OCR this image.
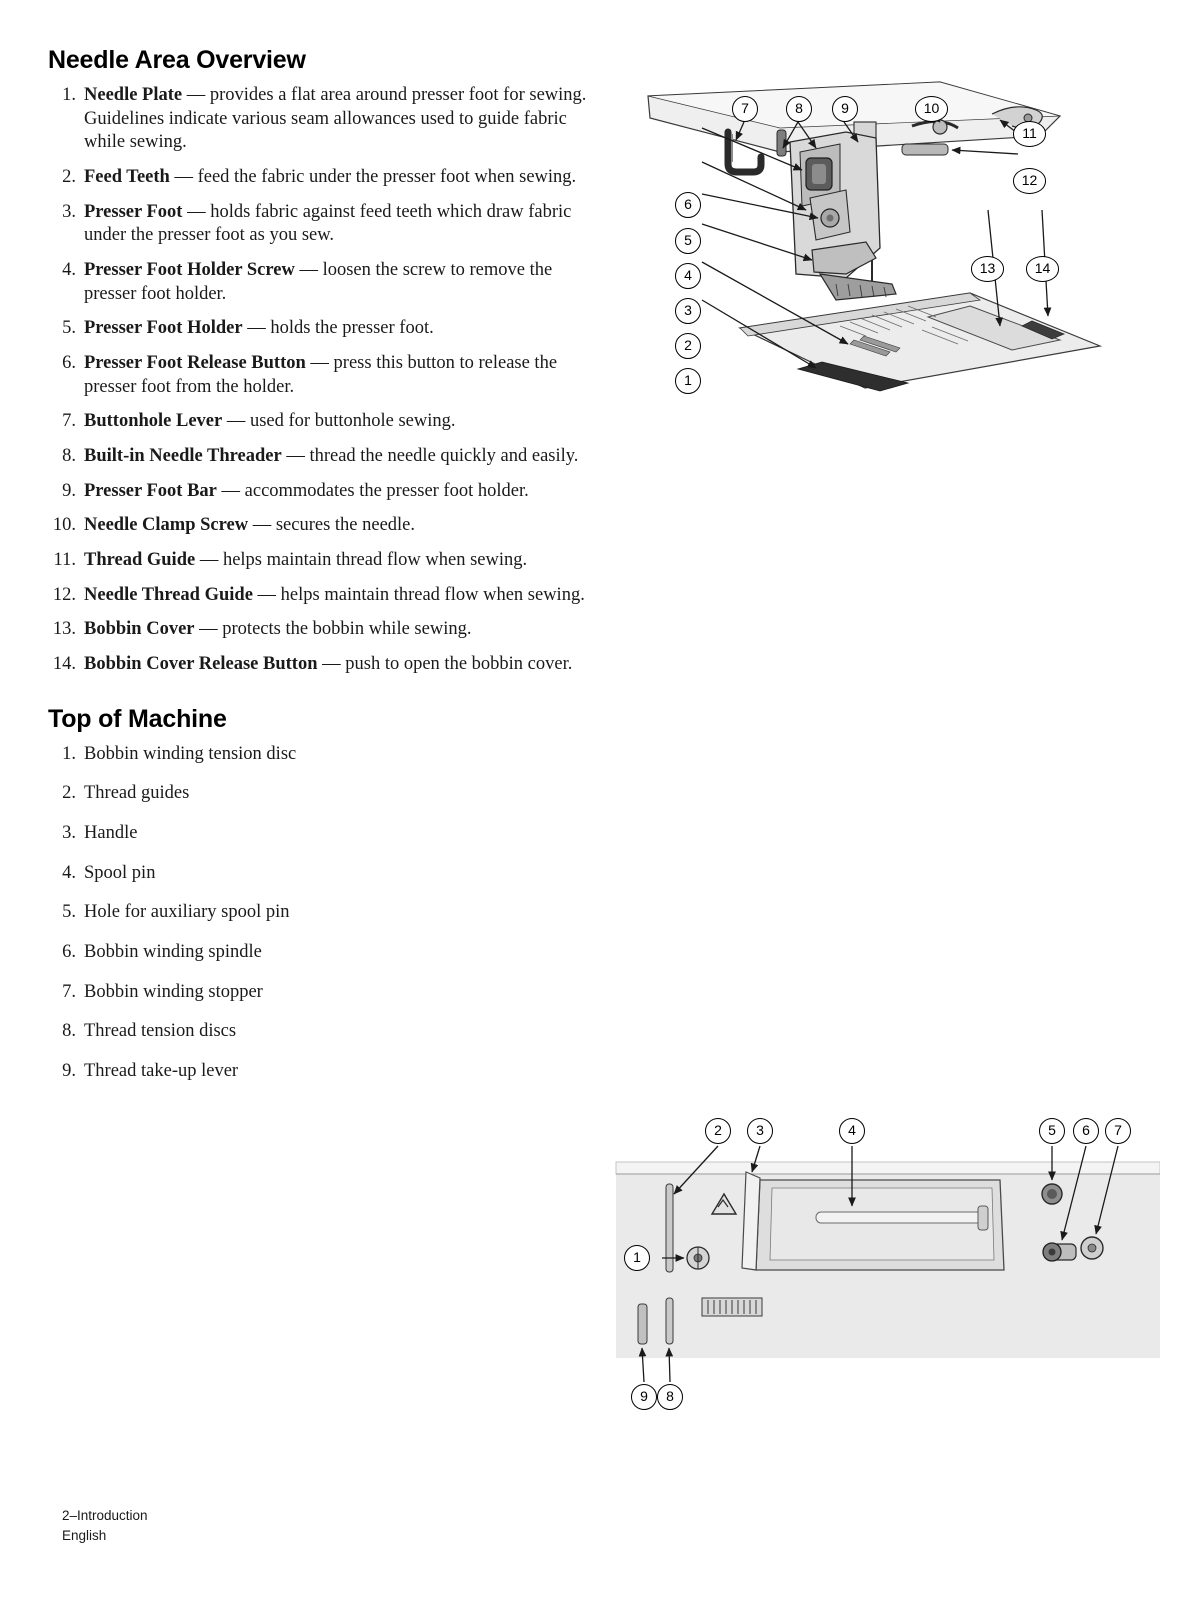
Needle Area Overview
1. Needle Plate — provides a flat area around presser foot for sewing. Guidelines indicate various seam allowances used to guide fabric while sewing.
2. Feed Teeth — feed the fabric under the presser foot when sewing.
3. Presser Foot — holds fabric against feed teeth which draw fabric under the presser foot as you sew.
4. Presser Foot Holder Screw — loosen the screw to remove the presser foot holder.
5. Presser Foot Holder — holds the presser foot.
6. Presser Foot Release Button — press this button to release the presser foot from the holder.
7. Buttonhole Lever — used for buttonhole sewing.
8. Built-in Needle Threader — thread the needle quickly and easily.
9. Presser Foot Bar — accommodates the presser foot holder.
10. Needle Clamp Screw — secures the needle.
11. Thread Guide — helps maintain thread flow when sewing.
12. Needle Thread Guide — helps maintain thread flow when sewing.
13. Bobbin Cover — protects the bobbin while sewing.
14. Bobbin Cover Release Button — push to open the bobbin cover.
Top of Machine
1. Bobbin winding tension disc
2. Thread guides
3. Handle
4. Spool pin
5. Hole for auxiliary spool pin
6. Bobbin winding spindle
7. Bobbin winding stopper
8. Thread tension discs
9. Thread take-up lever
7	8	9	10
11
12
6
5
4
3
2
1
13	14
2	3	4	5	6	7
1
9	8
2–Introduction
English
